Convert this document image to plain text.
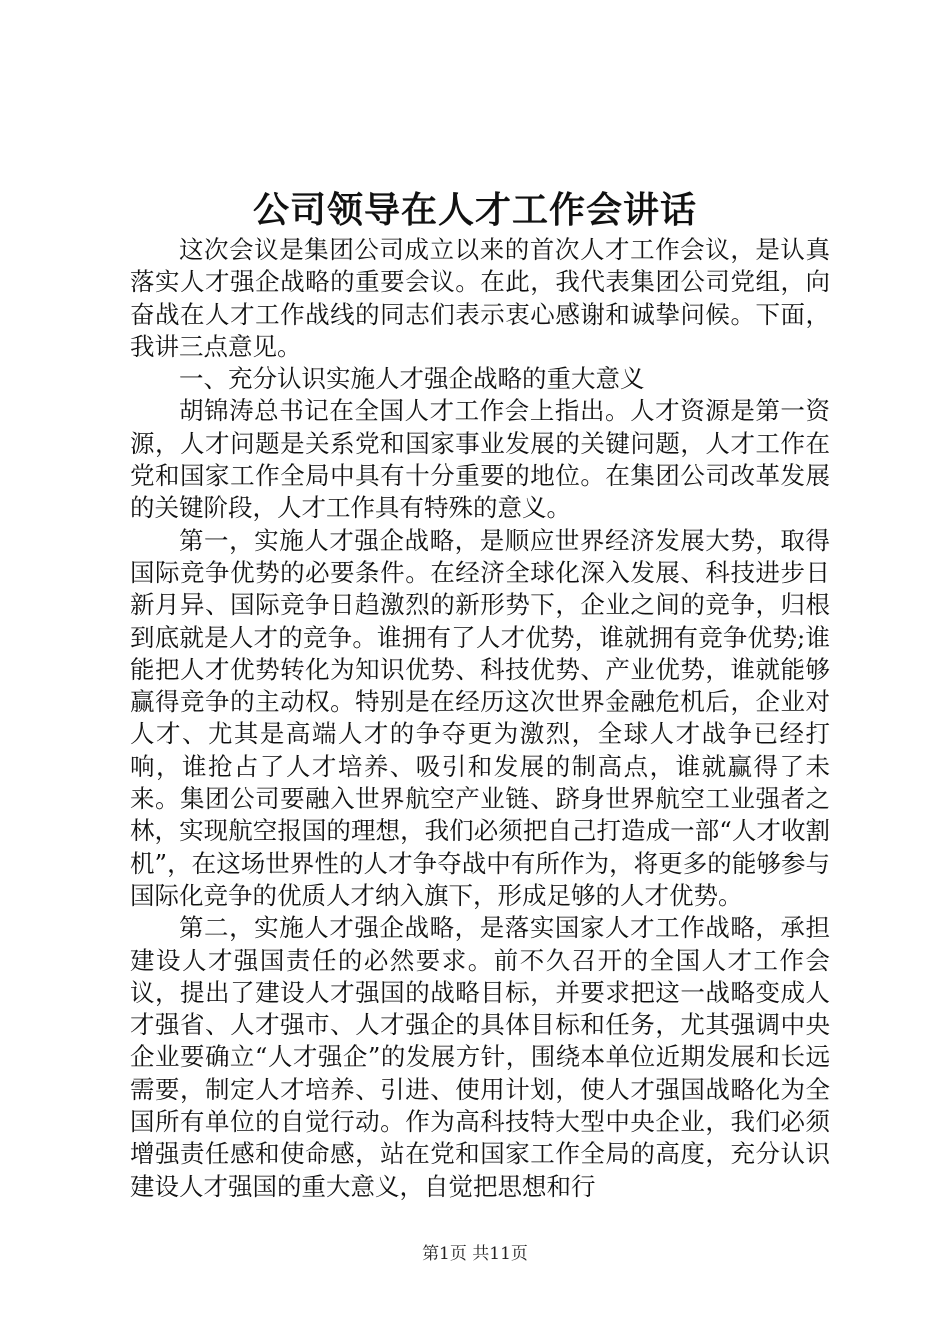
公司领导在人才工作会讲话

这次会议是集团公司成立以来的首次人才工作会议，是认真落实人才强企战略的重要会议。在此，我代表集团公司党组，向奋战在人才工作战线的同志们表示衷心感谢和诚挚问候。下面，我讲三点意见。

一、充分认识实施人才强企战略的重大意义

胡锦涛总书记在全国人才工作会上指出。人才资源是第一资源，人才问题是关系党和国家事业发展的关键问题，人才工作在党和国家工作全局中具有十分重要的地位。在集团公司改革发展的关键阶段，人才工作具有特殊的意义。

第一，实施人才强企战略，是顺应世界经济发展大势，取得国际竞争优势的必要条件。在经济全球化深入发展、科技进步日新月异、国际竞争日趋激烈的新形势下，企业之间的竞争，归根到底就是人才的竞争。谁拥有了人才优势，谁就拥有竞争优势;谁能把人才优势转化为知识优势、科技优势、产业优势，谁就能够赢得竞争的主动权。特别是在经历这次世界金融危机后，企业对人才、尤其是高端人才的争夺更为激烈，全球人才战争已经打响，谁抢占了人才培养、吸引和发展的制高点，谁就赢得了未来。集团公司要融入世界航空产业链、跻身世界航空工业强者之林，实现航空报国的理想，我们必须把自己打造成一部“人才收割机”，在这场世界性的人才争夺战中有所作为，将更多的能够参与国际化竞争的优质人才纳入旗下，形成足够的人才优势。

第二，实施人才强企战略，是落实国家人才工作战略，承担建设人才强国责任的必然要求。前不久召开的全国人才工作会议，提出了建设人才强国的战略目标，并要求把这一战略变成人才强省、人才强市、人才强企的具体目标和任务，尤其强调中央企业要确立“人才强企”的发展方针，围绕本单位近期发展和长远需要，制定人才培养、引进、使用计划，使人才强国战略化为全国所有单位的自觉行动。作为高科技特大型中央企业，我们必须增强责任感和使命感，站在党和国家工作全局的高度，充分认识建设人才强国的重大意义，自觉把思想和行

第1页 共11页
